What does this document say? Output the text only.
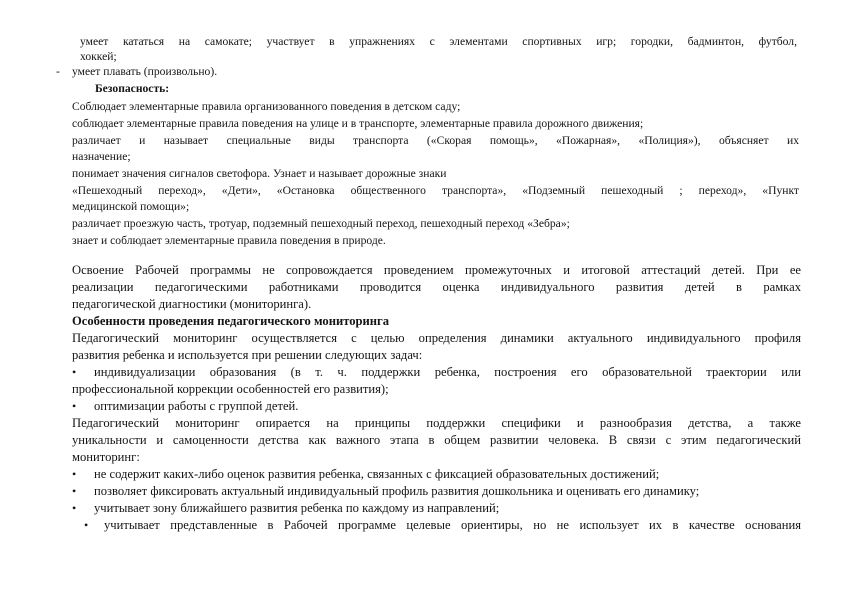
умеет кататься на самокате; участвует в упражнениях с элементами спортивных игр; городки, бадминтон, футбол,
хоккей;
- умеет плавать (произвольно).
Безопасность:
Соблюдает элементарные правила организованного поведения в детском саду;
соблюдает элементарные правила поведения на улице и в транспорте, элементарные правила дорожного движения;
различает и называет специальные виды транспорта («Скорая помощь», «Пожарная», «Полиция»), объясняет их
назначение;
понимает значения сигналов светофора. Узнает и называет дорожные знаки
«Пешеходный переход», «Дети», «Остановка общественного транспорта», «Подземный пешеходный ; переход», «Пункт
медицинской помощи»;
различает проезжую часть, тротуар, подземный пешеходный переход, пешеходный переход «Зебра»;
знает и соблюдает элементарные правила поведения в природе.
Освоение Рабочей программы не сопровождается проведением промежуточных и итоговой аттестаций детей. При ее
реализации педагогическими работниками проводится оценка индивидуального развития детей в рамках
педагогической диагностики (мониторинга).
Особенности проведения педагогического мониторинга
Педагогический мониторинг осуществляется с целью определения динамики актуального индивидуального профиля
развития ребенка и используется при решении следующих задач:
• индивидуализации образования (в т. ч. поддержки ребенка, построения его образовательной траектории или
профессиональной коррекции особенностей его развития);
• оптимизации работы с группой детей.
Педагогический мониторинг опирается на принципы поддержки специфики и разнообразия детства, а также
уникальности и самоценности детства как важного этапа в общем развитии человека. В связи с этим педагогический
мониторинг:
• не содержит каких-либо оценок развития ребенка, связанных с фиксацией образовательных достижений;
• позволяет фиксировать актуальный индивидуальный профиль развития дошкольника и оценивать его динамику;
• учитывает зону ближайшего развития ребенка по каждому из направлений;
• учитывает представленные в Рабочей программе целевые ориентиры, но не использует их в качестве основания
